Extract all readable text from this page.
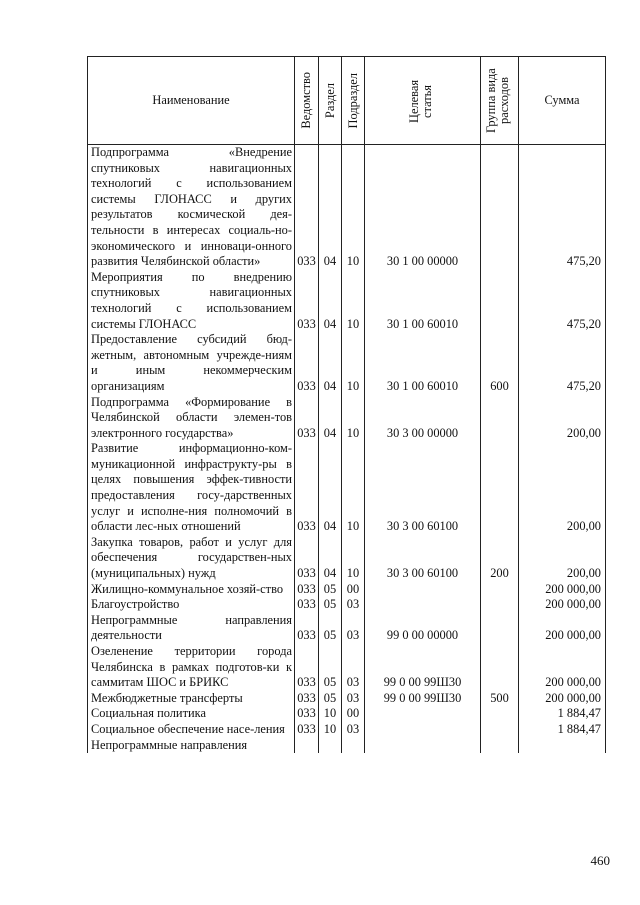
Наименование	Ведомство	Раздел	Подраздел	Целевая статья	Группа вида расходов	Сумма
Подпрограмма «Внедрение спутниковых навигационных технологий с использованием системы ГЛОНАСС и других результатов космической дея-тельности в интересах социаль-но-экономического и инноваци-онного развития Челябинской области»	033	04	10	30 1 00 00000		475,20
Мероприятия по внедрению спутниковых навигационных технологий с использованием системы ГЛОНАСС	033	04	10	30 1 00 60010		475,20
Предоставление субсидий бюд-жетным, автономным учрежде-ниям и иным некоммерческим организациям	033	04	10	30 1 00 60010	600	475,20
Подпрограмма «Формирование в Челябинской области элемен-тов электронного государства»	033	04	10	30 3 00 00000		200,00
Развитие информационно-ком-муникационной инфраструкту-ры в целях повышения эффек-тивности предоставления госу-дарственных услуг и исполне-ния полномочий в области лес-ных отношений	033	04	10	30 3 00 60100		200,00
Закупка товаров, работ и услуг для обеспечения государствен-ных (муниципальных) нужд	033	04	10	30 3 00 60100	200	200,00
Жилищно-коммунальное хозяй-ство	033	05	00			200 000,00
Благоустройство	033	05	03			200 000,00
Непрограммные направления деятельности	033	05	03	99 0 00 00000		200 000,00
Озеленение территории города Челябинска в рамках подготов-ки к саммитам ШОС и БРИКС	033	05	03	99 0 00 99Ш30		200 000,00
Межбюджетные трансферты	033	05	03	99 0 00 99Ш30	500	200 000,00
Социальная политика	033	10	00			1 884,47
Социальное обеспечение насе-ления	033	10	03			1 884,47
Непрограммные направления						
460
